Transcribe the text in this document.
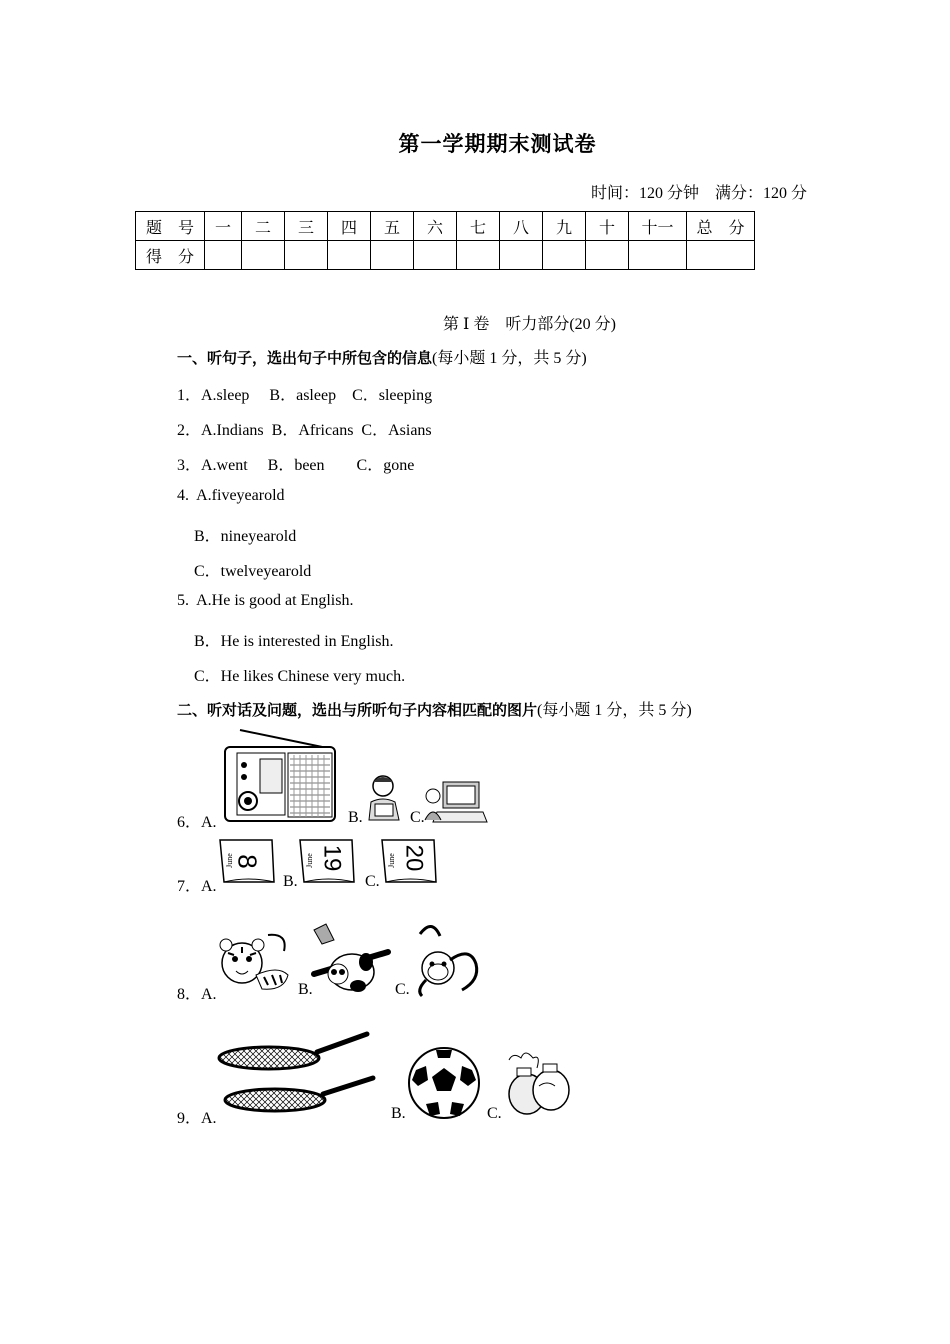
第一学期期末测试卷
时间：120 分钟　满分：120 分
题　号	一	二	三	四	五	六	七	八	九	十	十一	总　分
得　分												
第 Ⅰ 卷　听力部分(20 分)
一、听句子，选出句子中所包含的信息(每小题 1 分，共 5 分)
1．A.sleep　 B．asleep　C．sleeping
2．A.Indians  B．Africans  C．Asians
3．A.went　 B．been　　C．gone
4.  A.fiveyearold
B．nineyearold
C．twelveyearold
5.  A.He is good at English.
B．He is interested in English.
C．He likes Chinese very much.
二、听对话及问题，选出与所听句子内容相匹配的图片(每小题 1 分，共 5 分)
6．A.	B.	C.
7．A.	B.	C.
June
8	June 19	June 20
8．A.	B.	C.
9．A.	B.	C.
